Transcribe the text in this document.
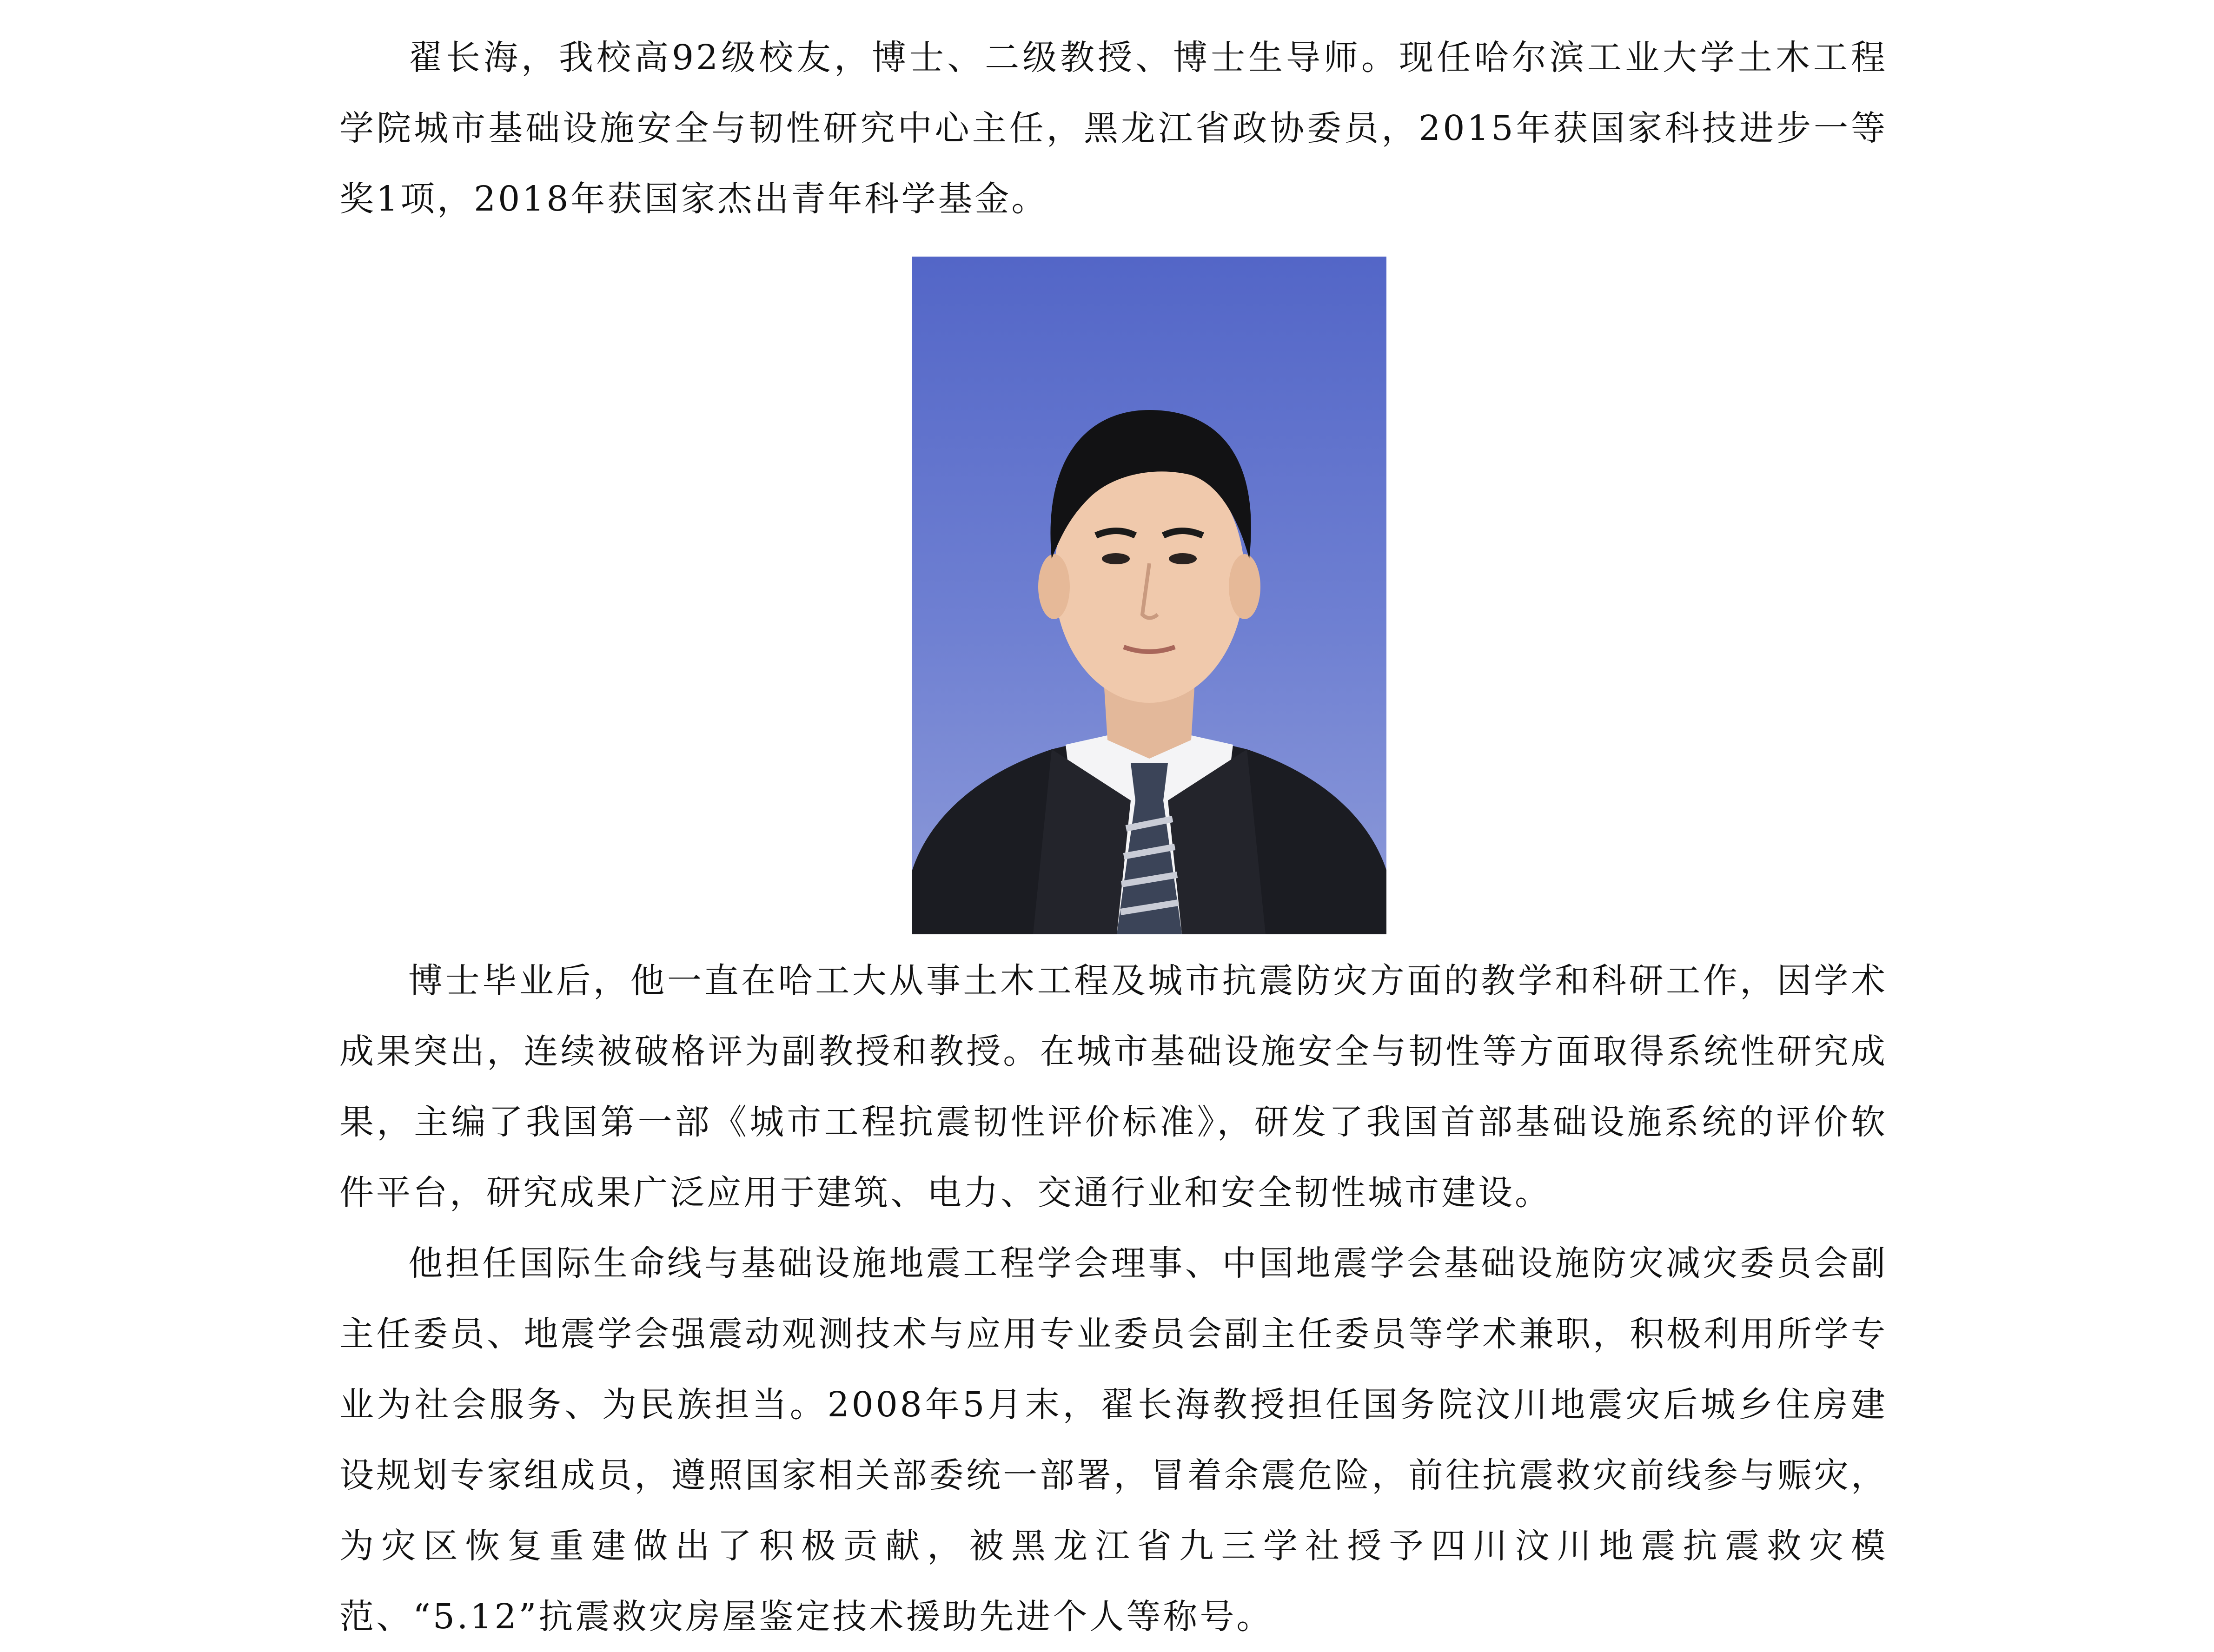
翟长海，我校高92级校友，博士、二级教授、博士生导师。现任哈尔滨工业大学土木工程学院城市基础设施安全与韧性研究中心主任，黑龙江省政协委员，2015年获国家科技进步一等奖1项，2018年获国家杰出青年科学基金。

博士毕业后，他一直在哈工大从事土木工程及城市抗震防灾方面的教学和科研工作，因学术成果突出，连续被破格评为副教授和教授。在城市基础设施安全与韧性等方面取得系统性研究成果，主编了我国第一部《城市工程抗震韧性评价标准》，研发了我国首部基础设施系统的评价软件平台，研究成果广泛应用于建筑、电力、交通行业和安全韧性城市建设。

他担任国际生命线与基础设施地震工程学会理事、中国地震学会基础设施防灾减灾委员会副主任委员、地震学会强震动观测技术与应用专业委员会副主任委员等学术兼职，积极利用所学专业为社会服务、为民族担当。2008年5月末，翟长海教授担任国务院汶川地震灾后城乡住房建设规划专家组成员，遵照国家相关部委统一部署，冒着余震危险，前往抗震救灾前线参与赈灾，为灾区恢复重建做出了积极贡献，被黑龙江省九三学社授予四川汶川地震抗震救灾模范、“5.12”抗震救灾房屋鉴定技术援助先进个人等称号。
